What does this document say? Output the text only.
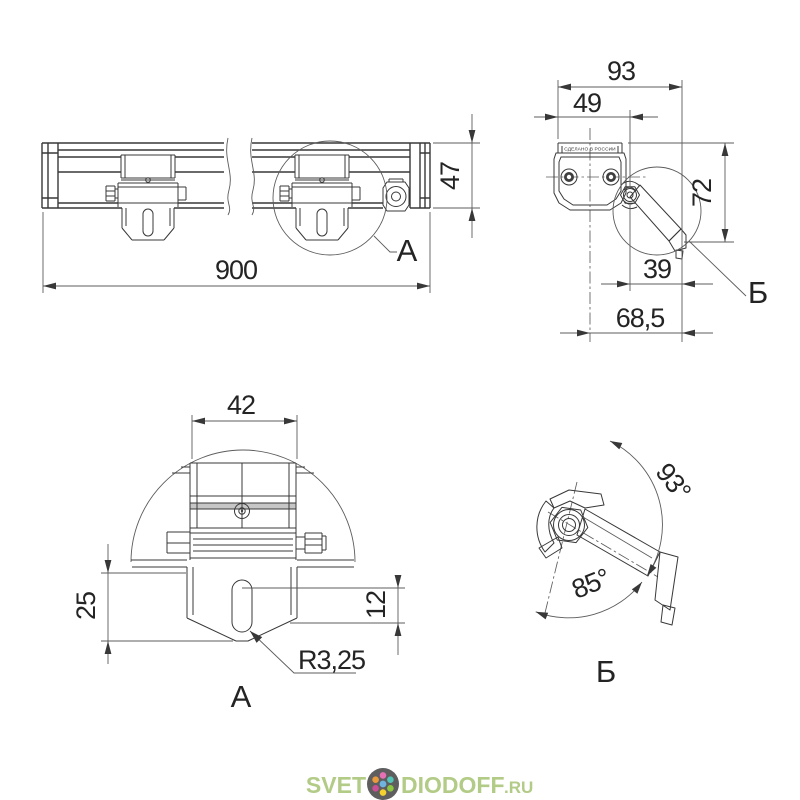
А
900
47
СДЕЛАНО В РОССИИ
Б
93
49
72
39
68,5
42
25	12
R3,25
А
93°
85°
Б
SVET DIODOFF .RU
